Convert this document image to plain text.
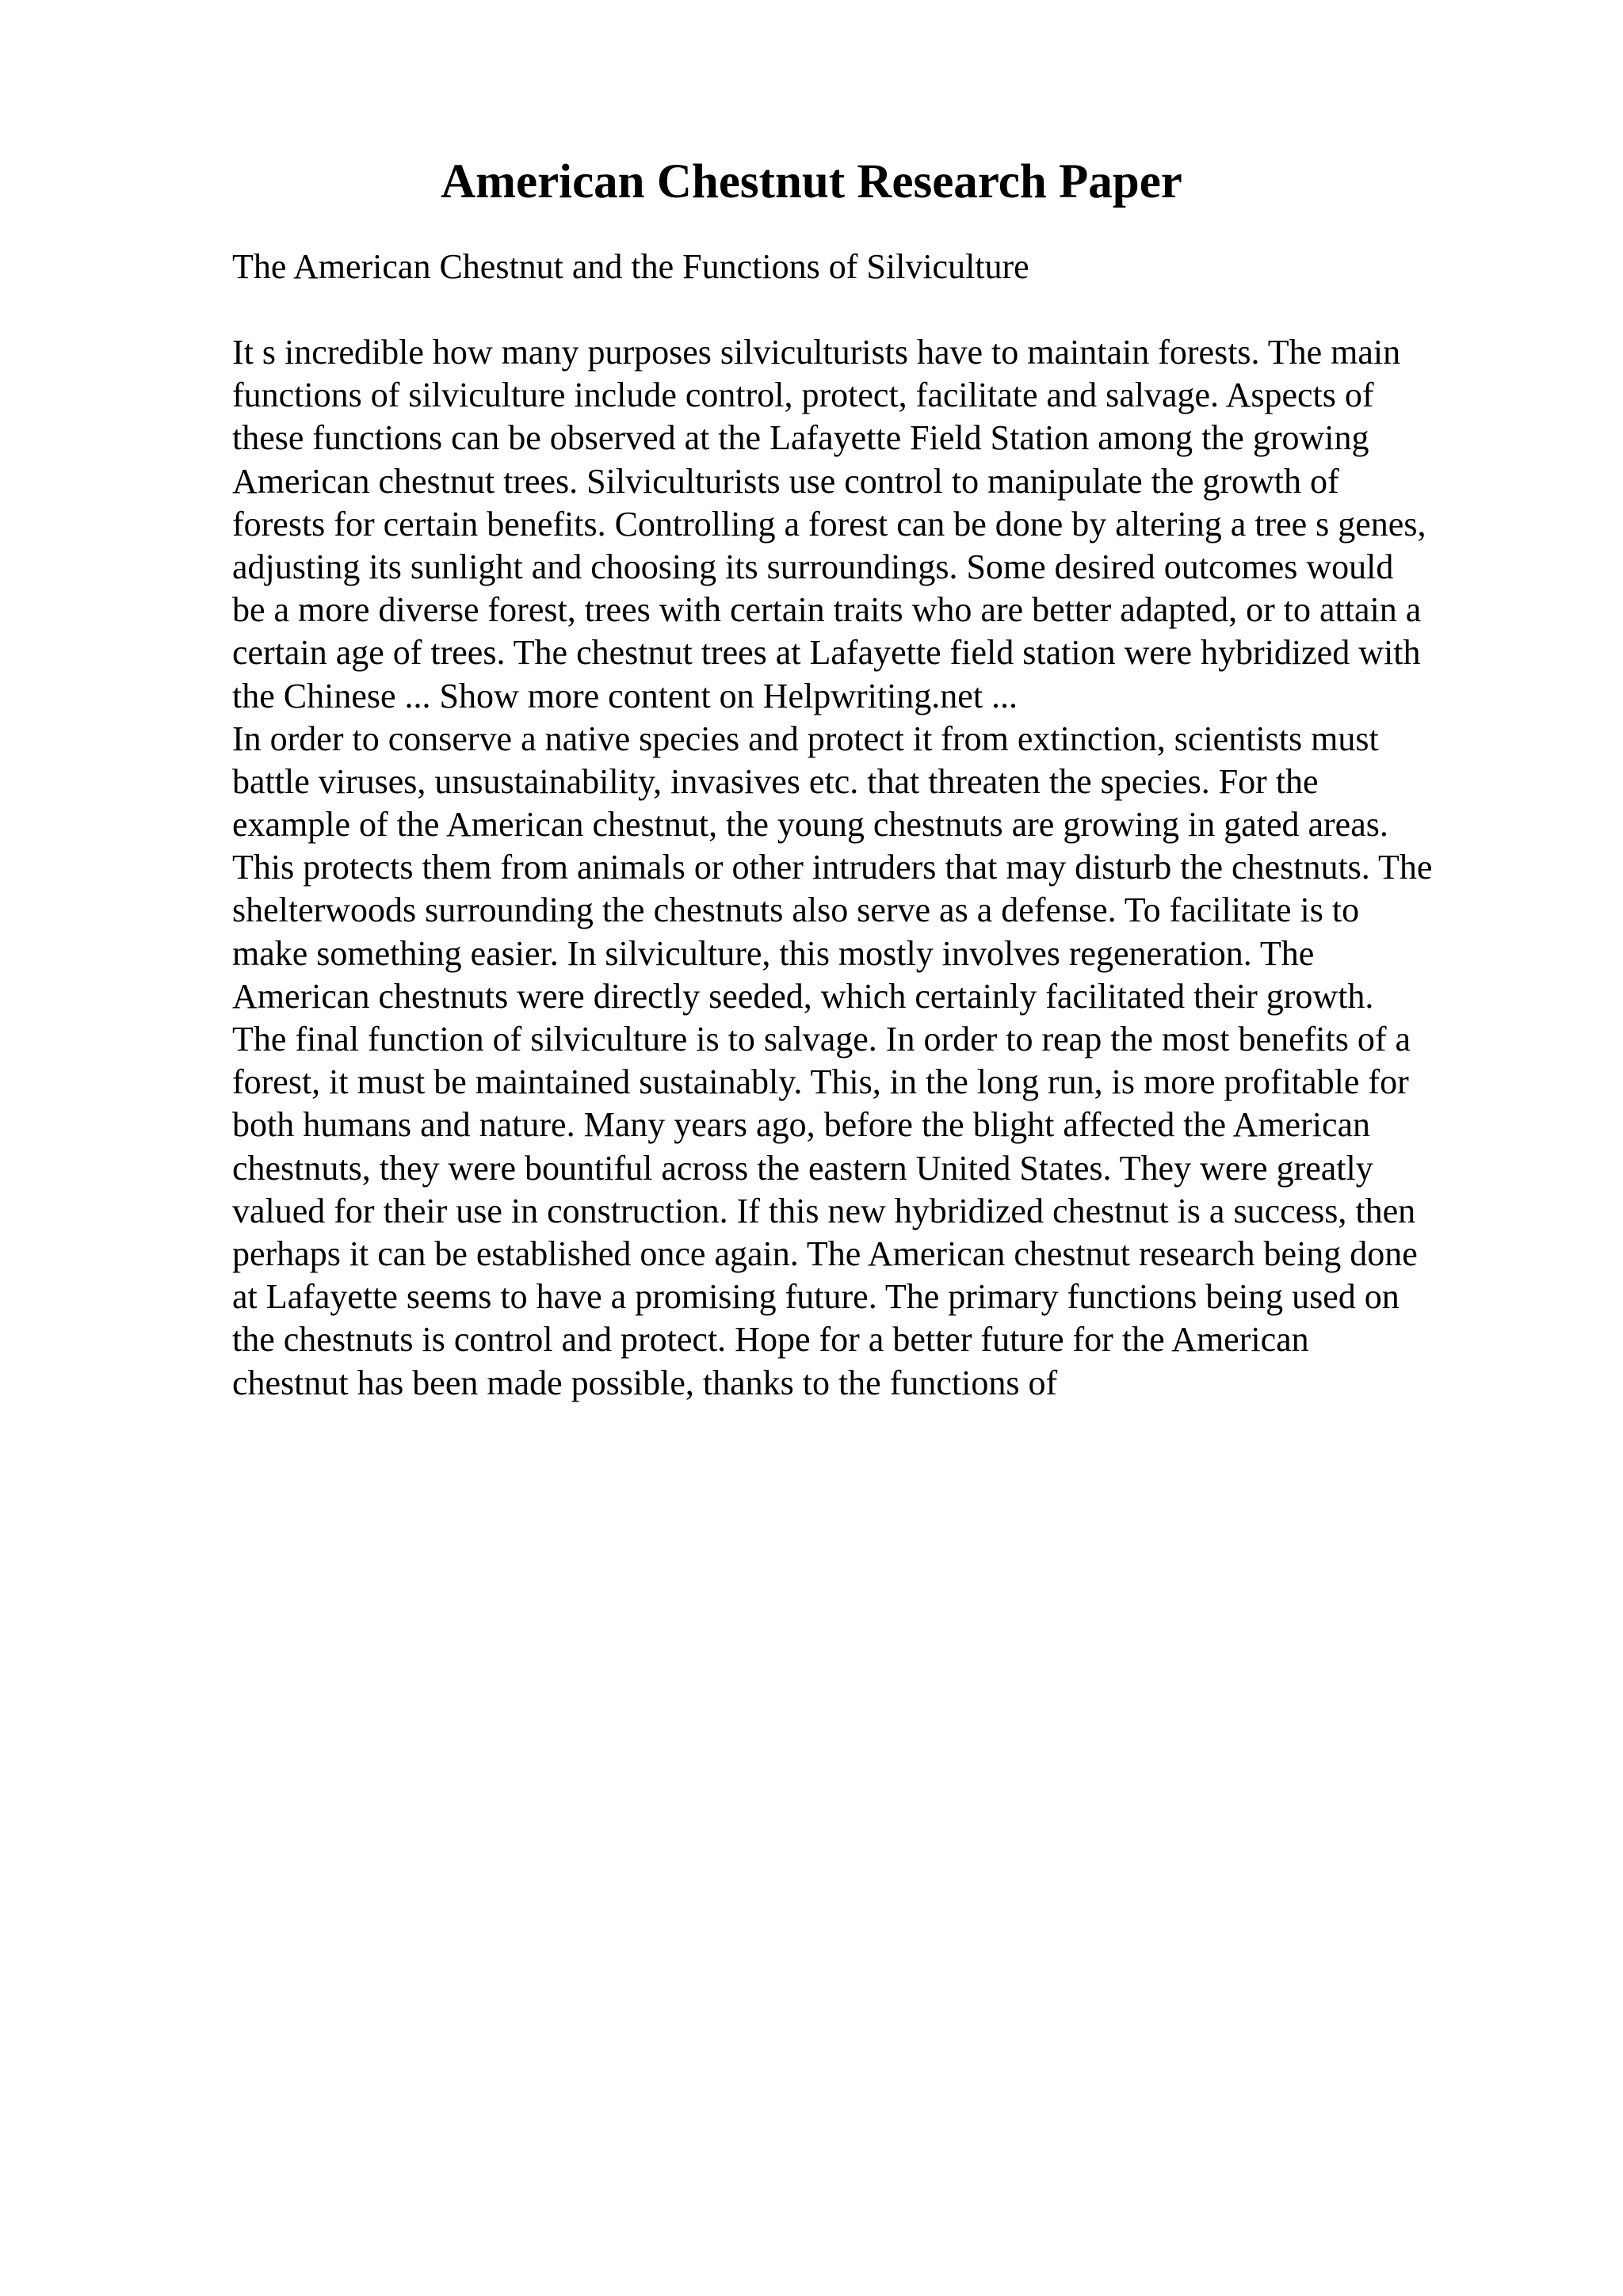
American Chestnut Research Paper

The American Chestnut and the Functions of Silviculture

It s incredible how many purposes silviculturists have to maintain forests. The main
functions of silviculture include control, protect, facilitate and salvage. Aspects of
these functions can be observed at the Lafayette Field Station among the growing
American chestnut trees. Silviculturists use control to manipulate the growth of
forests for certain benefits. Controlling a forest can be done by altering a tree s genes,
adjusting its sunlight and choosing its surroundings. Some desired outcomes would
be a more diverse forest, trees with certain traits who are better adapted, or to attain a
certain age of trees. The chestnut trees at Lafayette field station were hybridized with
the Chinese ... Show more content on Helpwriting.net ...
In order to conserve a native species and protect it from extinction, scientists must
battle viruses, unsustainability, invasives etc. that threaten the species. For the
example of the American chestnut, the young chestnuts are growing in gated areas.
This protects them from animals or other intruders that may disturb the chestnuts. The
shelterwoods surrounding the chestnuts also serve as a defense. To facilitate is to
make something easier. In silviculture, this mostly involves regeneration. The
American chestnuts were directly seeded, which certainly facilitated their growth.
The final function of silviculture is to salvage. In order to reap the most benefits of a
forest, it must be maintained sustainably. This, in the long run, is more profitable for
both humans and nature. Many years ago, before the blight affected the American
chestnuts, they were bountiful across the eastern United States. They were greatly
valued for their use in construction. If this new hybridized chestnut is a success, then
perhaps it can be established once again. The American chestnut research being done
at Lafayette seems to have a promising future. The primary functions being used on
the chestnuts is control and protect. Hope for a better future for the American
chestnut has been made possible, thanks to the functions of
